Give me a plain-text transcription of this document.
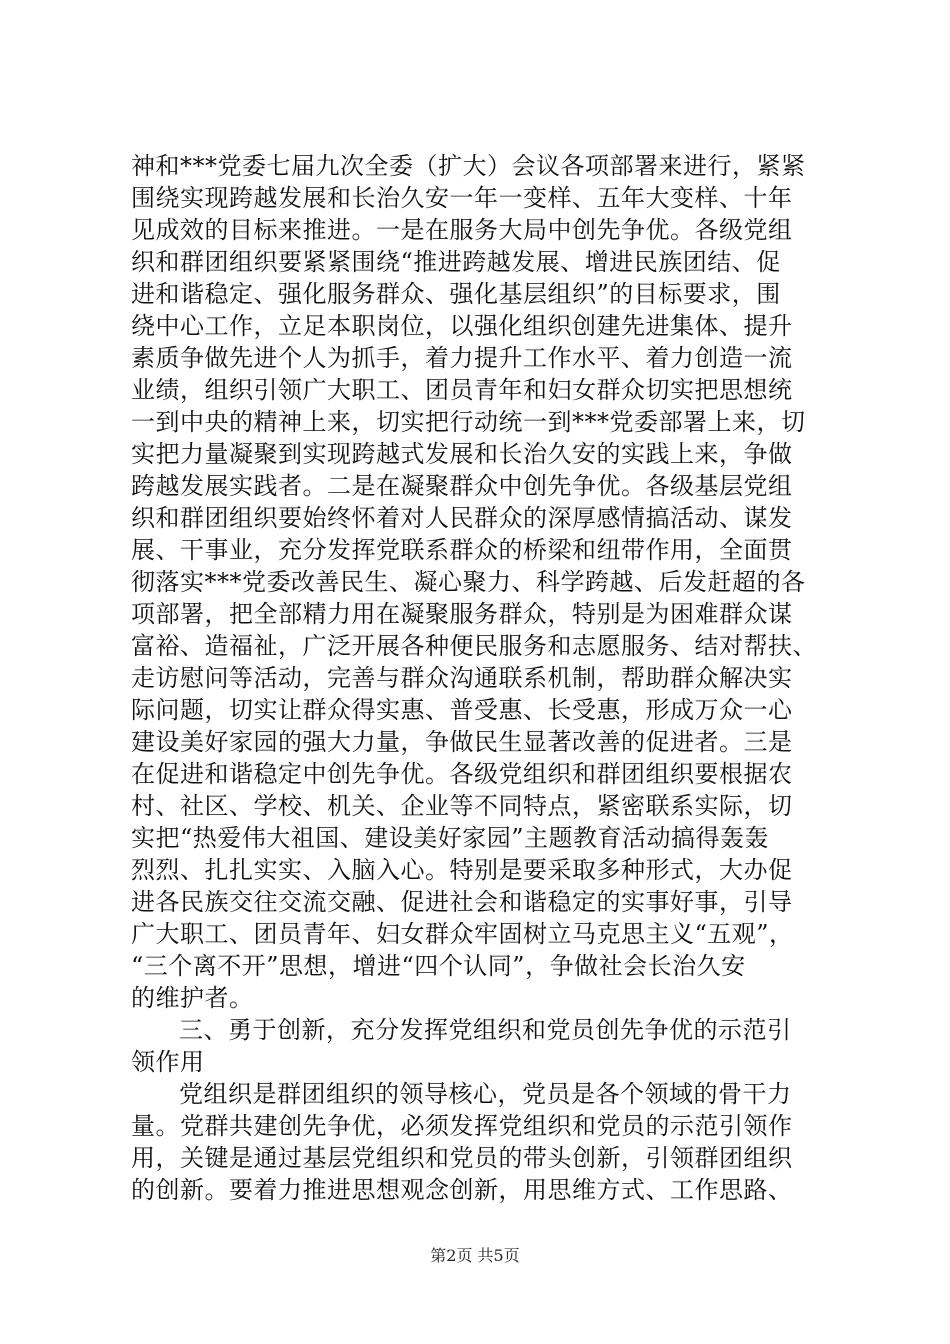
神和***党委七届九次全委（扩大）会议各项部署来进行，紧紧
围绕实现跨越发展和长治久安一年一变样、五年大变样、十年
见成效的目标来推进。一是在服务大局中创先争优。各级党组
织和群团组织要紧紧围绕“推进跨越发展、增进民族团结、促
进和谐稳定、强化服务群众、强化基层组织”的目标要求，围
绕中心工作，立足本职岗位，以强化组织创建先进集体、提升
素质争做先进个人为抓手，着力提升工作水平、着力创造一流
业绩，组织引领广大职工、团员青年和妇女群众切实把思想统
一到中央的精神上来，切实把行动统一到***党委部署上来，切
实把力量凝聚到实现跨越式发展和长治久安的实践上来，争做
跨越发展实践者。二是在凝聚群众中创先争优。各级基层党组
织和群团组织要始终怀着对人民群众的深厚感情搞活动、谋发
展、干事业，充分发挥党联系群众的桥梁和纽带作用，全面贯
彻落实***党委改善民生、凝心聚力、科学跨越、后发赶超的各
项部署，把全部精力用在凝聚服务群众，特别是为困难群众谋
富裕、造福祉，广泛开展各种便民服务和志愿服务、结对帮扶、
走访慰问等活动，完善与群众沟通联系机制，帮助群众解决实
际问题，切实让群众得实惠、普受惠、长受惠，形成万众一心
建设美好家园的强大力量，争做民生显著改善的促进者。三是
在促进和谐稳定中创先争优。各级党组织和群团组织要根据农
村、社区、学校、机关、企业等不同特点，紧密联系实际，切
实把“热爱伟大祖国、建设美好家园”主题教育活动搞得轰轰
烈烈、扎扎实实、入脑入心。特别是要采取多种形式，大办促
进各民族交往交流交融、促进社会和谐稳定的实事好事，引导
广大职工、团员青年、妇女群众牢固树立马克思主义“五观”，
“三个离不开”思想，增进“四个认同”，争做社会长治久安
的维护者。
三、勇于创新，充分发挥党组织和党员创先争优的示范引
领作用
党组织是群团组织的领导核心，党员是各个领域的骨干力
量。党群共建创先争优，必须发挥党组织和党员的示范引领作
用，关键是通过基层党组织和党员的带头创新，引领群团组织
的创新。要着力推进思想观念创新，用思维方式、工作思路、
第2页 共5页
